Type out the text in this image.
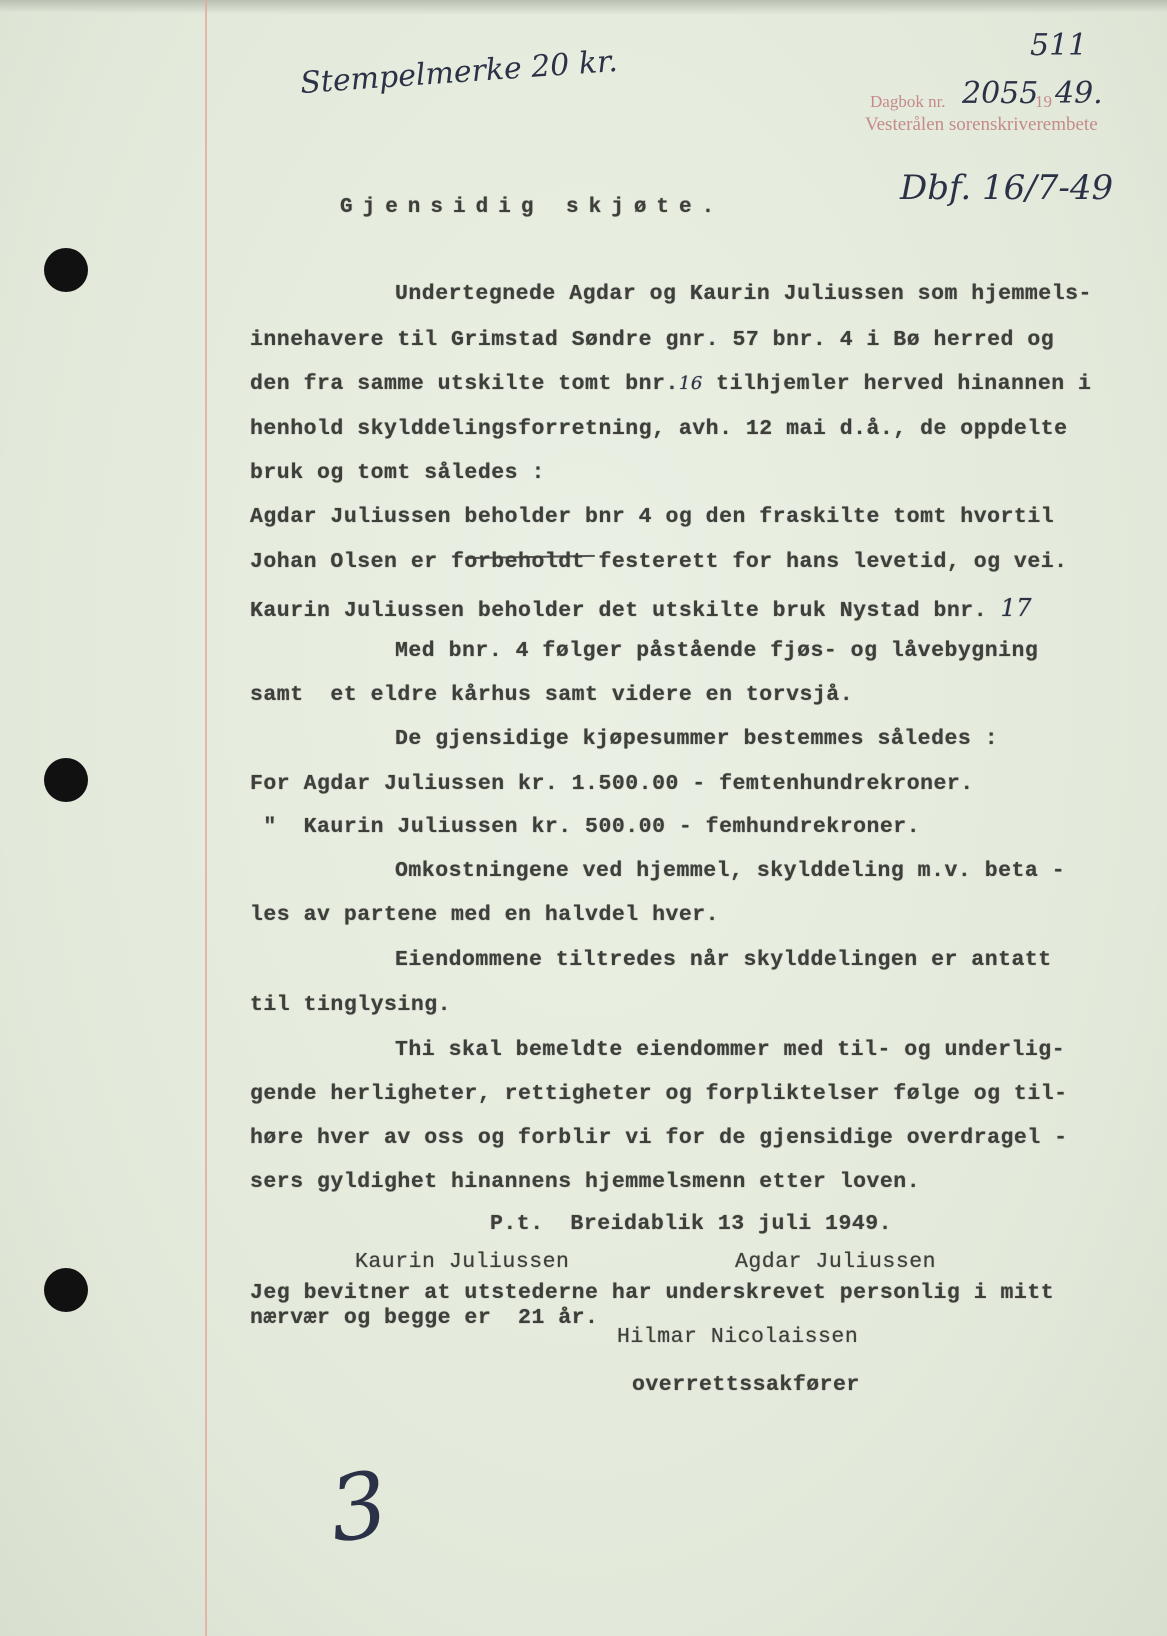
Stempelmerke 20 kr.	511
Dagbok nr. 2055
19 49.
Vesterålen sorenskriverembete
Dbf. 16/7-49
Gjensidig skjøte.
Undertegnede Agdar og Kaurin Juliussen som hjemmels-
innehavere til Grimstad Søndre gnr. 57 bnr. 4 i Bø herred og
den fra samme utskilte tomt bnr.16 tilhjemler herved hinannen i
henhold skylddelingsforretning, avh. 12 mai d.å., de oppdelte
bruk og tomt således :
Agdar Juliussen beholder bnr 4 og den fraskilte tomt hvortil
Johan Olsen er forbeholdt festerett for hans levetid, og vei.
Kaurin Juliussen beholder det utskilte bruk Nystad bnr. 17
Med bnr. 4 følger påstående fjøs- og låvebygning
samt  et eldre kårhus samt videre en torvsjå.
De gjensidige kjøpesummer bestemmes således :
For Agdar Juliussen kr. 1.500.00 - femtenhundrekroner.
"  Kaurin Juliussen kr. 500.00 - femhundrekroner.
Omkostningene ved hjemmel, skylddeling m.v. beta -
les av partene med en halvdel hver.
Eiendommene tiltredes når skylddelingen er antatt
til tinglysing.
Thi skal bemeldte eiendommer med til- og underlig-
gende herligheter, rettigheter og forpliktelser følge og til-
høre hver av oss og forblir vi for de gjensidige overdragel -
sers gyldighet hinannens hjemmelsmenn etter loven.
P.t.  Breidablik 13 juli 1949.
Kaurin Juliussen	Agdar Juliussen
Jeg bevitner at utstederne har underskrevet personlig i mitt
nærvær og begge er  21 år.
Hilmar Nicolaissen
overrettssakfører
3
